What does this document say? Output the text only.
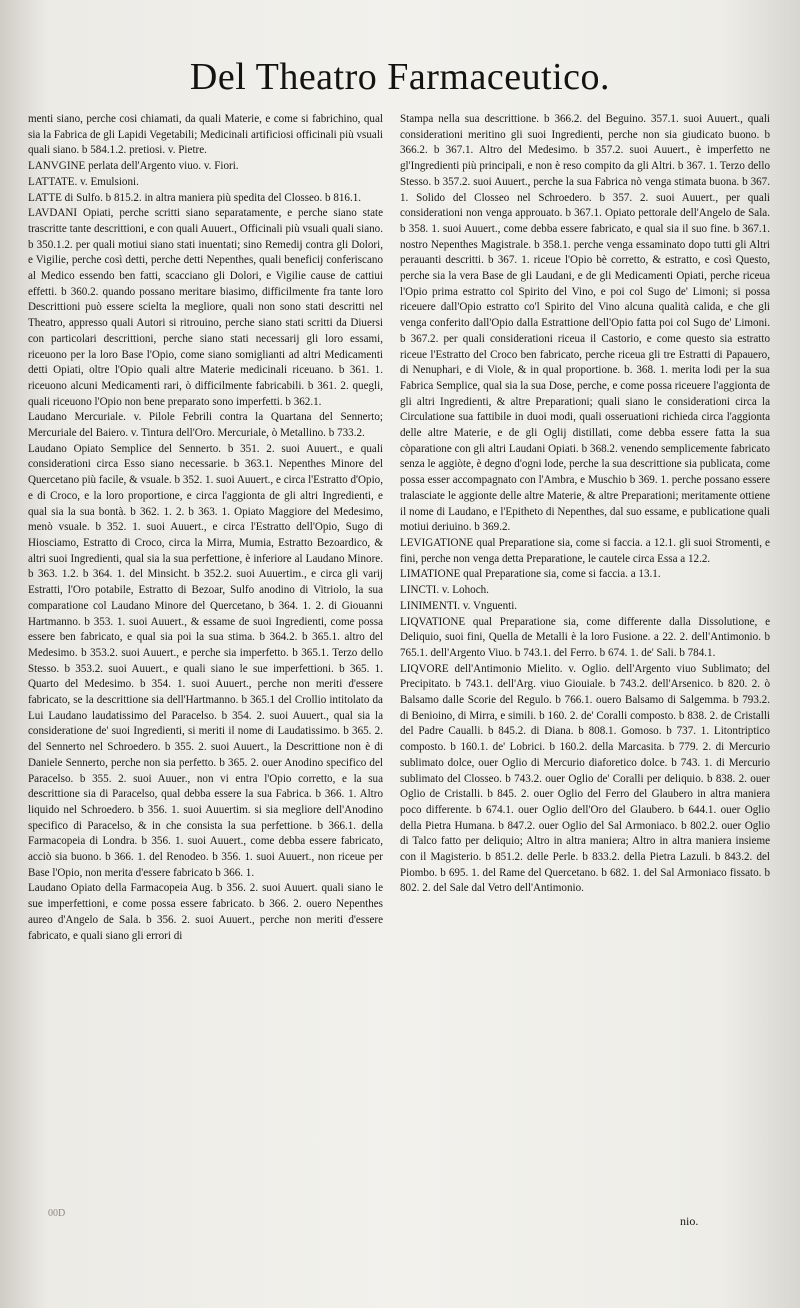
Del Theatro Farmaceutico.

menti siano, perche cosi chiamati, da quali Materie, e come si fabrichino, qual sia la Fabrica de gli Lapidi Vegetabili; Medicinali artificiosi officinali più vsuali quali siano. b 584.1.2. pretiosi. v. Pietre.

LANVGINE perlata dell'Argento viuo. v. Fiori.

LATTATE. v. Emulsioni.

LATTE di Sulfo. b 815.2. in altra maniera più spedita del Closseo. b 816.1.

LAVDANI Opiati, perche scritti siano separatamente, e perche siano state trascritte tante descrittioni, e con quali Auuert., Officinali più vsuali quali siano. b 350.1.2. per quali motiui siano stati inuentati; sino Remedij contra gli Dolori, e Vigilie, perche così detti, perche detti Nepenthes, quali beneficij conferiscano al Medico essendo ben fatti, scacciano gli Dolori, e Vigilie cause de cattiui effetti. b 360.2. quando possano meritare biasimo, difficilmente fra tante loro Descrittioni può essere scielta la megliore, quali non sono stati descritti nel Theatro, appresso quali Autori si ritrouino, perche siano stati scritti da Diuersi con particolari descrittioni, perche siano stati necessarij gli loro essami, riceuono per la loro Base l'Opio, come siano somiglianti ad altri Medicamenti detti Opiati, oltre l'Opio quali altre Materie medicinali riceuano. b 361. 1. riceuono alcuni Medicamenti rari, ò difficilmente fabricabili. b 361. 2. quegli, quali riceuono l'Opio non bene preparato sono imperfetti. b 362.1.

Laudano Mercuriale. v. Pilole Febrili contra la Quartana del Sennerto; Mercuriale del Baiero. v. Tintura dell'Oro. Mercuriale, ò Metallino. b 733.2.

Laudano Opiato Semplice del Sennerto. b 351. 2. suoi Auuert., e quali considerationi circa Esso siano necessarie. b 363.1. Nepenthes Minore del Quercetano più facile, & vsuale. b 352. 1. suoi Auuert., e circa l'Estratto d'Opio, e di Croco, e la loro proportione, e circa l'aggionta de gli altri Ingredienti, e qual sia la sua bontà. b 362. 1. 2. b 363. 1. Opiato Maggiore del Medesimo, menò vsuale. b 352. 1. suoi Auuert., e circa l'Estratto dell'Opio, Sugo di Hiosciamo, Estratto di Croco, circa la Mirra, Mumia, Estratto Bezoardico, & altri suoi Ingredienti, qual sia la sua perfettione, è inferiore al Laudano Minore. b 363. 1.2. b 364. 1. del Minsicht. b 352.2. suoi Auuertim., e circa gli varij Estratti, l'Oro potabile, Estratto di Bezoar, Sulfo anodino di Vitriolo, la sua comparatione col Laudano Minore del Quercetano, b 364. 1. 2. di Giouanni Hartmanno. b 353. 1. suoi Auuert., & essame de suoi Ingredienti, come possa essere ben fabricato, e qual sia poi la sua stima. b 364.2. b 365.1. altro del Medesimo. b 353.2. suoi Auuert., e perche sia imperfetto. b 365.1. Terzo dello Stesso. b 353.2. suoi Auuert., e quali siano le sue imperfettioni. b 365. 1. Quarto del Medesimo. b 354. 1. suoi Auuert., perche non meriti d'essere fabricato, se la descrittione sia dell'Hartmanno. b 365.1 del Crollio intitolato da Lui Laudano laudatissimo del Paracelso. b 354. 2. suoi Auuert., qual sia la consideratione de' suoi Ingredienti, si meriti il nome di Laudatissimo. b 365. 2. del Sennerto nel Schroedero. b 355. 2. suoi Auuert., la Descrittione non è di Daniele Sennerto, perche non sia perfetto. b 365. 2. ouer Anodino specifico del Paracelso. b 355. 2. suoi Auuer., non vi entra l'Opio corretto, e la sua descrittione sia di Paracelso, qual debba essere la sua Fabrica. b 366. 1. Altro liquido nel Schroedero. b 356. 1. suoi Auuertim. si sia megliore dell'Anodino specifico di Paracelso, & in che consista la sua perfettione. b 366.1. della Farmacopeia di Londra. b 356. 1. suoi Auuert., come debba essere fabricato, acciò sia buono. b 366. 1. del Renodeo. b 356. 1. suoi Auuert., non riceue per Base l'Opio, non merita d'essere fabricato b 366. 1.

Laudano Opiato della Farmacopeia Aug. b 356. 2. suoi Auuert. quali siano le sue imperfettioni, e come possa essere fabricato. b 366. 2. ouero Nepenthes aureo d'Angelo de Sala. b 356. 2. suoi Auuert., perche non meriti d'essere fabricato, e quali siano gli errori di

Stampa nella sua descrittione. b 366.2. del Beguino. 357.1. suoi Auuert., quali considerationi meritino gli suoi Ingredienti, perche non sia giudicato buono. b 366.2. b 367.1. Altro del Medesimo. b 357.2. suoi Auuert., è imperfetto ne gl'Ingredienti più principali, e non è reso compito da gli Altri. b 367. 1. Terzo dello Stesso. b 357.2. suoi Auuert., perche la sua Fabrica nò venga stimata buona. b 367. 1. Solido del Closseo nel Schroedero. b 357. 2. suoi Auuert., per quali considerationi non venga approuato. b 367.1. Opiato pettorale dell'Angelo de Sala. b 358. 1. suoi Auuert., come debba essere fabricato, e qual sia il suo fine. b 367.1. nostro Nepenthes Magistrale. b 358.1. perche venga essaminato dopo tutti gli Altri perauanti descritti. b 367. 1. riceue l'Opio bè corretto, & estratto, e così Questo, perche sia la vera Base de gli Laudani, e de gli Medicamenti Opiati, perche riceua l'Opio prima estratto col Spirito del Vino, e poi col Sugo de' Limoni; si possa riceuere dall'Opio estratto co'l Spirito del Vino alcuna qualità calida, e che gli venga conferito dall'Opio dalla Estrattione dell'Opio fatta poi col Sugo de' Limoni. b 367.2. per quali considerationi riceua il Castorio, e come questo sia estratto riceue l'Estratto del Croco ben fabricato, perche riceua gli tre Estratti di Papauero, di Nenuphari, e di Viole, & in qual proportione. b. 368. 1. merita lodi per la sua Fabrica Semplice, qual sia la sua Dose, perche, e come possa riceuere l'aggionta de gli altri Ingredienti, & altre Preparationi; quali siano le considerationi circa la Circulatione sua fattibile in duoi modi, quali osseruationi richieda circa l'aggionta delle altre Materie, e de gli Oglij distillati, come debba essere fatta la sua còparatione con gli altri Laudani Opiati. b 368.2. venendo semplicemente fabricato senza le aggiòte, è degno d'ogni lode, perche la sua descrittione sia publicata, come possa esser accompagnato con l'Ambra, e Muschio b 369. 1. perche possano essere tralasciate le aggionte delle altre Materie, & altre Preparationi; meritamente ottiene il nome di Laudano, e l'Epitheto di Nepenthes, dal suo essame, e publicatione quali motiui deriuino. b 369.2.

LEVIGATIONE qual Preparatione sia, come si faccia. a 12.1. gli suoi Stromenti, e fini, perche non venga detta Preparatione, le cautele circa Essa a 12.2.

LIMATIONE qual Preparatione sia, come si faccia. a 13.1.

LINCTI. v. Lohoch.

LINIMENTI. v. Vnguenti.

LIQVATIONE qual Preparatione sia, come differente dalla Dissolutione, e Deliquio, suoi fini, Quella de Metalli è la loro Fusione. a 22. 2. dell'Antimonio. b 765.1. dell'Argento Viuo. b 743.1. del Ferro. b 674. 1. de' Sali. b 784.1.

LIQVORE dell'Antimonio Mielito. v. Oglio. dell'Argento viuo Sublimato; del Precipitato. b 743.1. dell'Arg. viuo Giouiale. b 743.2. dell'Arsenico. b 820. 2. ò Balsamo dalle Scorie del Regulo. b 766.1. ouero Balsamo di Salgemma. b 793.2. di Benioino, di Mirra, e simili. b 160. 2. de' Coralli composto. b 838. 2. de Cristalli del Padre Caualli. b 845.2. di Diana. b 808.1. Gomoso. b 737. 1. Litontriptico composto. b 160.1. de' Lobrici. b 160.2. della Marcasita. b 779. 2. di Mercurio sublimato dolce, ouer Oglio di Mercurio diaforetico dolce. b 743. 1. di Mercurio sublimato del Closseo. b 743.2. ouer Oglio de' Coralli per deliquio. b 838. 2. ouer Oglio de Cristalli. b 845. 2. ouer Oglio del Ferro del Glaubero in altra maniera poco differente. b 674.1. ouer Oglio dell'Oro del Glaubero. b 644.1. ouer Oglio della Pietra Humana. b 847.2. ouer Oglio del Sal Armoniaco. b 802.2. ouer Oglio di Talco fatto per deliquio; Altro in altra maniera; Altro in altra maniera insieme con il Magisterio. b 851.2. delle Perle. b 833.2. della Pietra Lazuli. b 843.2. del Piombo. b 695. 1. del Rame del Quercetano. b 682. 1. del Sal Armoniaco fissato. b 802. 2. del Sale dal Vetro dell'Antimonio.

00D
nio.
